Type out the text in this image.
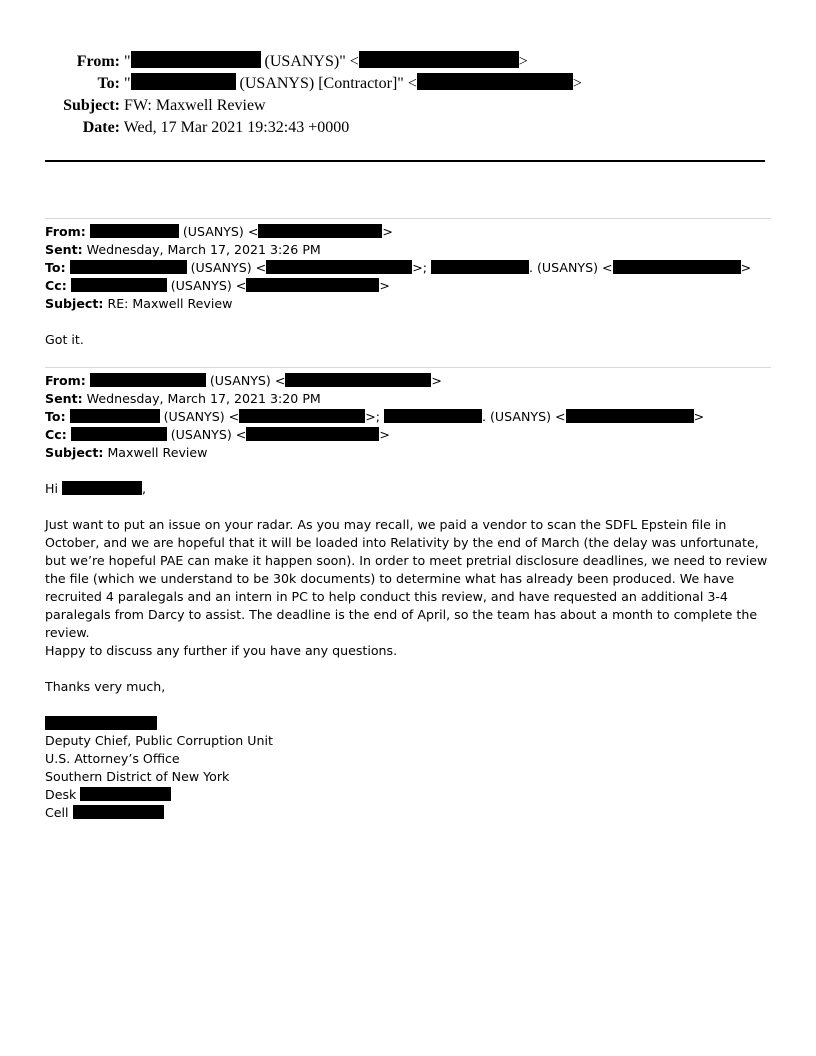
From: "	(USANYS)" <	>
To: "	(USANYS) [Contractor]" <	>
Subject: FW: Maxwell Review
Date: Wed, 17 Mar 2021 19:32:43 +0000
From:	(USANYS) <	>
Sent: Wednesday, March 17, 2021 3:26 PM
To:	(USANYS) <	>;	. (USANYS) <	>
Cc:	(USANYS) <	>
Subject: RE: Maxwell Review
Got it.
From:	(USANYS) <	>
Sent: Wednesday, March 17, 2021 3:20 PM
To:	(USANYS) <	>;	. (USANYS) <	>
Cc:	(USANYS) <	>
Subject: Maxwell Review
Hi	,
Just want to put an issue on your radar. As you may recall, we paid a vendor to scan the SDFL Epstein file in October, and we are hopeful that it will be loaded into Relativity by the end of March (the delay was unfortunate, but we’re hopeful PAE can make it happen soon). In order to meet pretrial disclosure deadlines, we need to review the file (which we understand to be 30k documents) to determine what has already been produced. We have recruited 4 paralegals and an intern in PC to help conduct this review, and have requested an additional 3-4 paralegals from Darcy to assist. The deadline is the end of April, so the team has about a month to complete the review.
Happy to discuss any further if you have any questions.
Thanks very much,
Deputy Chief, Public Corruption Unit
U.S. Attorney’s Office
Southern District of New York
Desk
Cell
